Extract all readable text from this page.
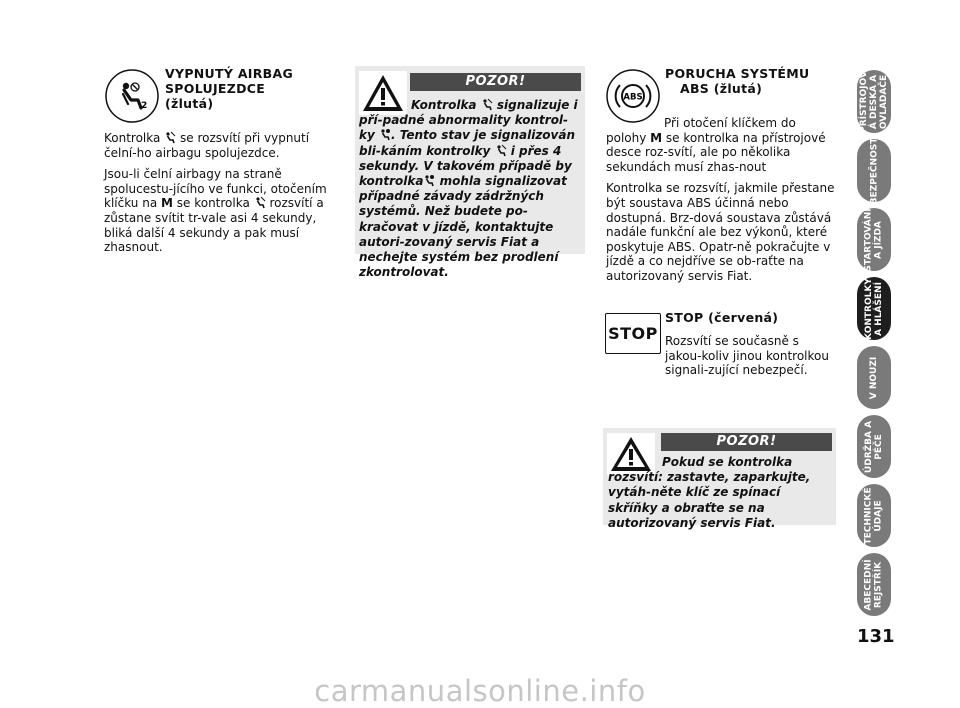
2
VYPNUTÝ AIRBAG
SPOLUJEZDCE
(žlutá)

Kontrolka  se rozsvítí při vypnutí čelní-ho airbagu spolujezdce.

Jsou-li čelní airbagy na straně spolucestu-jícího ve funkci, otočením klíčku na M se kontrolka  rozsvítí a zůstane svítit tr-vale asi 4 sekundy, bliká další 4 sekundy a pak musí zhasnout.

POZOR!
Kontrolka  signalizuje i pří-padné abnormality kontrol-ky . Tento stav je signalizován bli-káním kontrolky  i přes 4 sekundy. V takovém případě by kontrolka mohla signalizovat případné závady zádržných systémů. Než budete po-kračovat v jízdě, kontaktujte autori-zovaný servis Fiat a nechejte systém bez prodlení zkontrolovat.
ABS
PORUCHA SYSTÉMU
ABS (žlutá)

Při otočení klíčkem do polohy M se kontrolka na přístrojové desce roz-svítí, ale po několika sekundách musí zhas-nout

Kontrolka se rozsvítí, jakmile přestane být soustava ABS účinná nebo dostupná. Brz-dová soustava zůstává nadále funkční ale bez výkonů, které poskytuje ABS. Opatr-ně pokračujte v jízdě a co nejdříve se ob-raťte na autorizovaný servis Fiat.

STOP
STOP (červená)
Rozsvítí se současně s jakou-koliv jinou kontrolkou signali-zující nebezpečí.
POZOR!
Pokud se kontrolka rozsvítí: zastavte, zaparkujte, vytáh-něte klíč ze spínací skříňky a obraťte se na autorizovaný servis Fiat.
PŘÍSTROJOV
Á DESKA A
OVLADAČE
BEZPEČNOST
STARTOVÁNÍ
A JÍZDA
KONTROLKY
A HLÁŠENÍ
V NOUZI
ÚDRŽBA A
PÉČE
TECHNICKÉ
ÚDAJE
ABECEDNÍ
REJSTŘÍK
131
carmanualsonline.info
